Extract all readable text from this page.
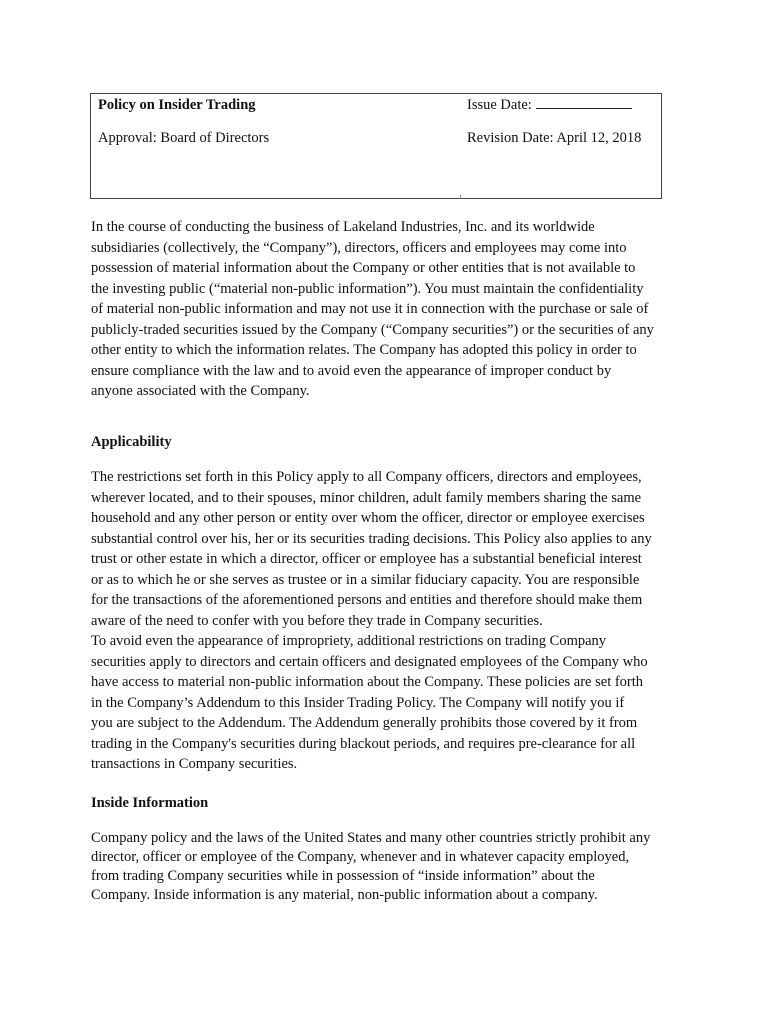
Policy on Insider Trading
Approval: Board of Directors
Issue Date:
Revision Date: April 12, 2018

In the course of conducting the business of Lakeland Industries, Inc. and its worldwide
subsidiaries (collectively, the “Company”), directors, officers and employees may come into
possession of material information about the Company or other entities that is not available to
the investing public (“material non-public information”). You must maintain the confidentiality
of material non-public information and may not use it in connection with the purchase or sale of
publicly-traded securities issued by the Company (“Company securities”) or the securities of any
other entity to which the information relates. The Company has adopted this policy in order to
ensure compliance with the law and to avoid even the appearance of improper conduct by
anyone associated with the Company.

Applicability

The restrictions set forth in this Policy apply to all Company officers, directors and employees,
wherever located, and to their spouses, minor children, adult family members sharing the same
household and any other person or entity over whom the officer, director or employee exercises
substantial control over his, her or its securities trading decisions. This Policy also applies to any
trust or other estate in which a director, officer or employee has a substantial beneficial interest
or as to which he or she serves as trustee or in a similar fiduciary capacity. You are responsible
for the transactions of the aforementioned persons and entities and therefore should make them
aware of the need to confer with you before they trade in Company securities.
To avoid even the appearance of impropriety, additional restrictions on trading Company
securities apply to directors and certain officers and designated employees of the Company who
have access to material non-public information about the Company. These policies are set forth
in the Company’s Addendum to this Insider Trading Policy. The Company will notify you if
you are subject to the Addendum. The Addendum generally prohibits those covered by it from
trading in the Company's securities during blackout periods, and requires pre-clearance for all
transactions in Company securities.

Inside Information

Company policy and the laws of the United States and many other countries strictly prohibit any
director, officer or employee of the Company, whenever and in whatever capacity employed,
from trading Company securities while in possession of “inside information” about the
Company. Inside information is any material, non-public information about a company.
